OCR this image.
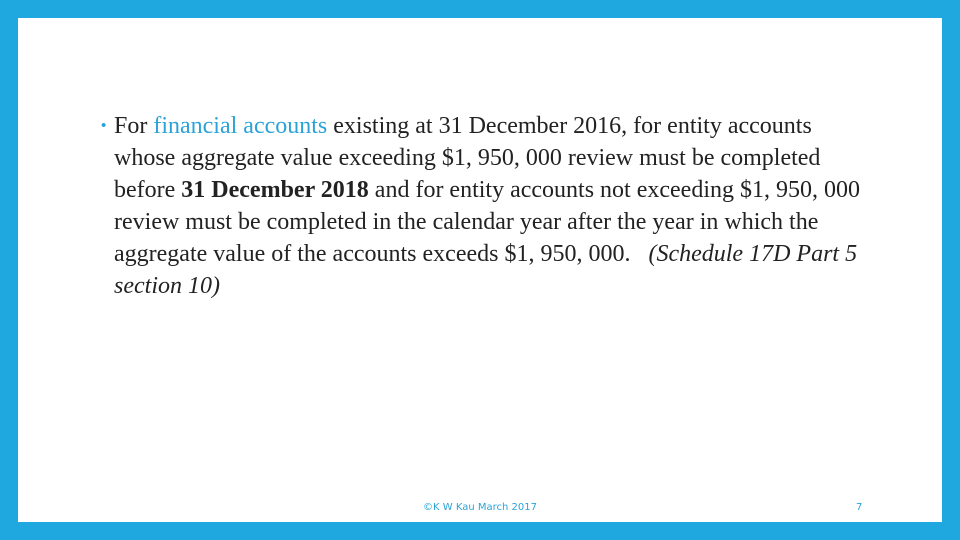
• For financial accounts existing at 31 December 2016, for entity accounts whose aggregate value exceeding $1, 950, 000 review must be completed before 31 December 2018 and for entity accounts not exceeding $1, 950, 000 review must be completed in the calendar year after the year in which the aggregate value of the accounts exceeds $1, 950, 000. (Schedule 17D Part 5 section 10)
©K W Kau March 2017	7
